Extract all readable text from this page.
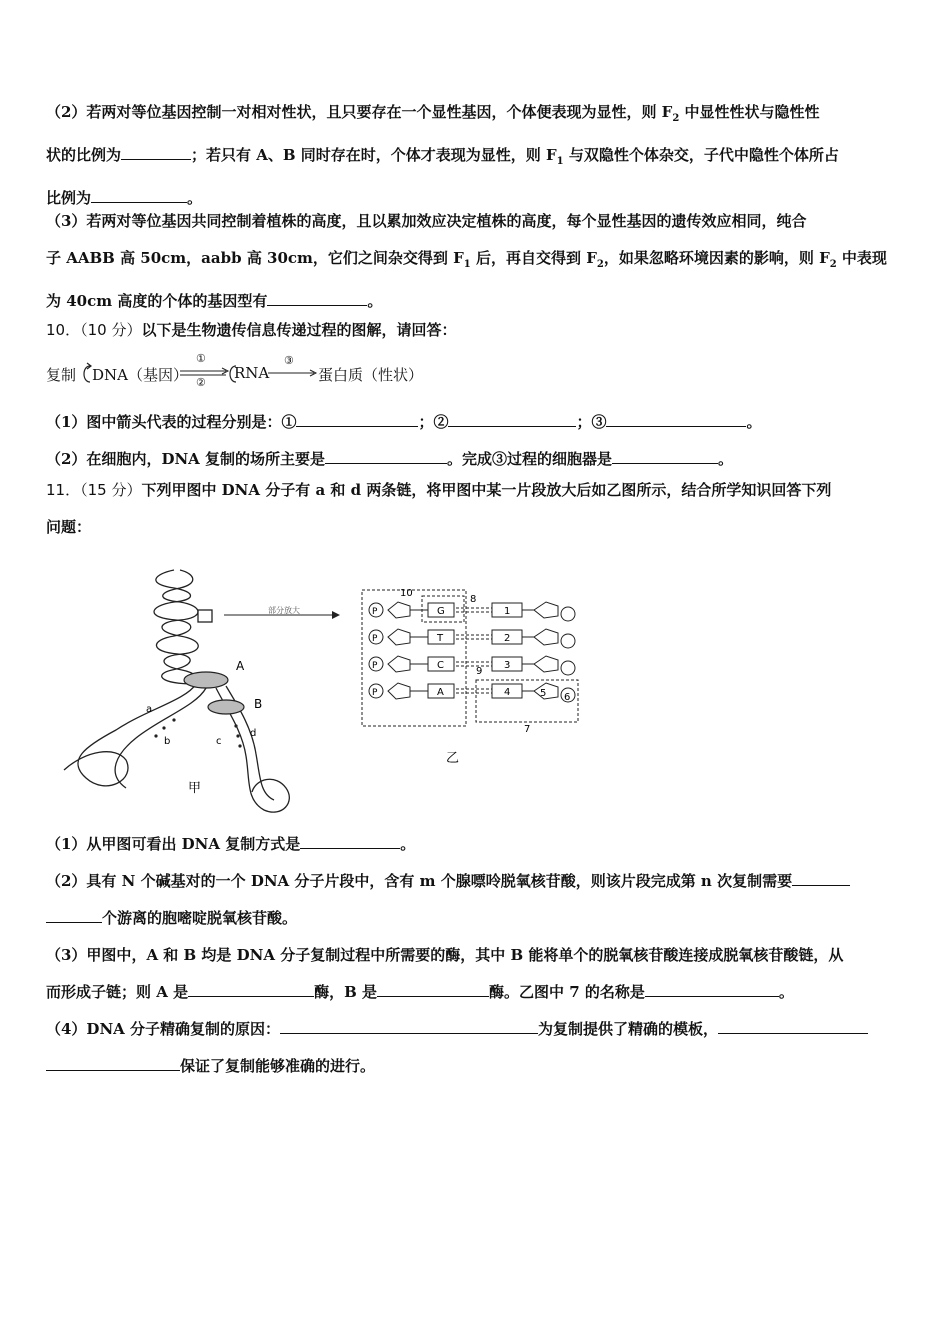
（2）若两对等位基因控制一对相对性状，且只要存在一个显性基因，个体便表现为显性，则 $F_2$ 中显性性状与隐性性
状的比例为	；若只有 A、B 同时存在时，个体才表现为显性，则 $F_1$ 与双隐性个体杂交，子代中隐性个体所占
比例为	。
（3）若两对等位基因共同控制着植株的高度，且以累加效应决定植株的高度，每个显性基因的遗传效应相同，纯合
子 AABB 高 50cm，aabb 高 30cm，它们之间杂交得到 $F_1$ 后，再自交得到 $F_2$，如果忽略环境因素的影响，则 $F_2$ 中表现
为 40cm 高度的个体的基因型有	。
10．（10 分）以下是生物遗传信息传递过程的图解，请回答：
复制 DNA（基因）
①
②
RNA
③
蛋白质（性状）
（1）图中箭头代表的过程分别是：①	；②	；③	。
（2）在细胞内，DNA 复制的场所主要是	。完成③过程的细胞器是	。
11．（15 分）下列甲图中 DNA 分子有 a 和 d 两条链，将甲图中某一片段放大后如乙图所示，结合所学知识回答下列
问题：
部分放大
A
B
a
b	c
d
甲
10
8
9
7
乙
P	G	1
P	T	2
P	C	3
P	A	4	5 6
（1）从甲图可看出 DNA 复制方式是	。
（2）具有 N 个碱基对的一个 DNA 分子片段中，含有 m 个腺嘌呤脱氧核苷酸，则该片段完成第 n 次复制需要
个游离的胞嘧啶脱氧核苷酸。
（3）甲图中，A 和 B 均是 DNA 分子复制过程中所需要的酶，其中 B 能将单个的脱氧核苷酸连接成脱氧核苷酸链，从
而形成子链；则 A 是	酶，B 是	酶。乙图中 7 的名称是	。
（4）DNA 分子精确复制的原因：	为复制提供了精确的模板，
保证了复制能够准确的进行。
